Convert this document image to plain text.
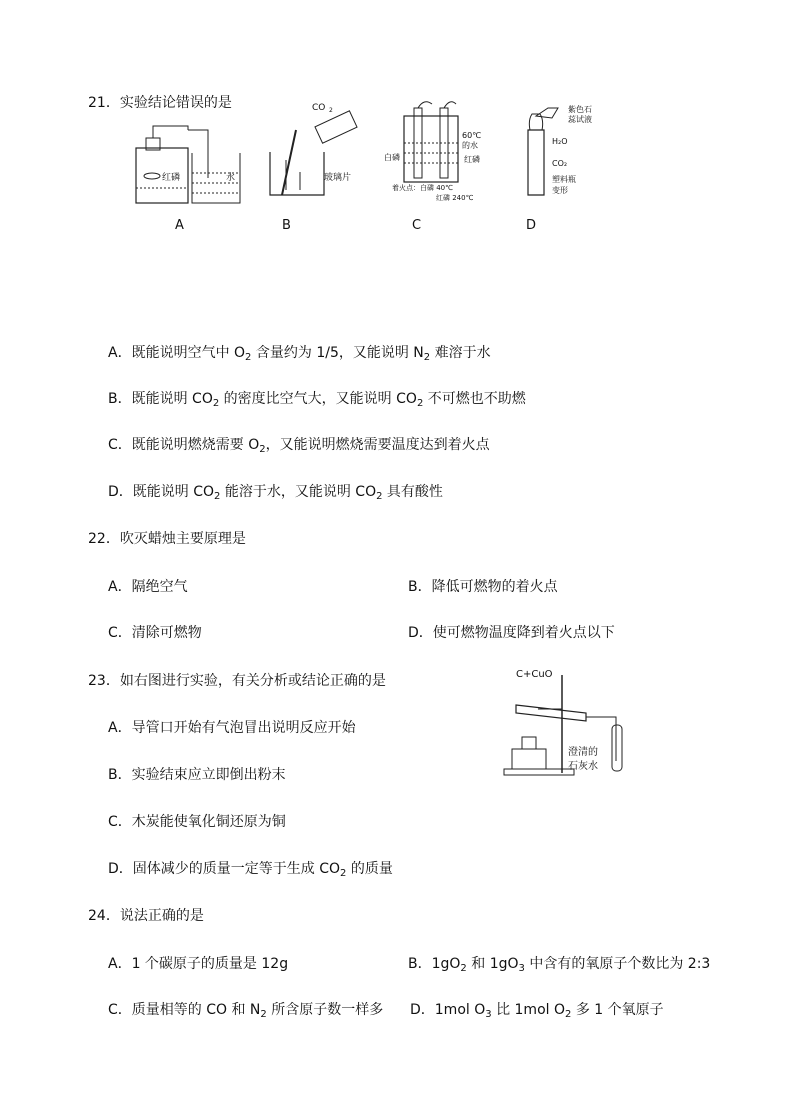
21．实验结论错误的是
红磷	水
CO 2
玻璃片
60℃
的水
白磷	红磷
着火点：白磷 40℃
红磷 240℃
紫色石
蕊试液
H₂O
CO₂
塑料瓶
变形
A	B	C	D
A．既能说明空气中 $O_2$ 含量约为 1/5，又能说明 $N_2$ 难溶于水
B．既能说明 $CO_2$ 的密度比空气大，又能说明 $CO_2$ 不可燃也不助燃
C．既能说明燃烧需要 $O_2$，又能说明燃烧需要温度达到着火点
D．既能说明 $CO_2$ 能溶于水，又能说明 $CO_2$ 具有酸性
22．吹灭蜡烛主要原理是
A．隔绝空气	B．降低可燃物的着火点
C．清除可燃物	D．使可燃物温度降到着火点以下
23．如右图进行实验，有关分析或结论正确的是	C+CuO
澄清的
石灰水
A．导管口开始有气泡冒出说明反应开始
B．实验结束应立即倒出粉末
C．木炭能使氧化铜还原为铜
D．固体减少的质量一定等于生成 $CO_2$ 的质量
24．说法正确的是
A．1 个碳原子的质量是 12g	B．$1gO_2$ 和 $1gO_3$ 中含有的氧原子个数比为 2:3
C．质量相等的 CO 和 $N_2$ 所含原子数一样多 D．1mol $O_3$ 比 1mol $O_2$ 多 1 个氧原子
